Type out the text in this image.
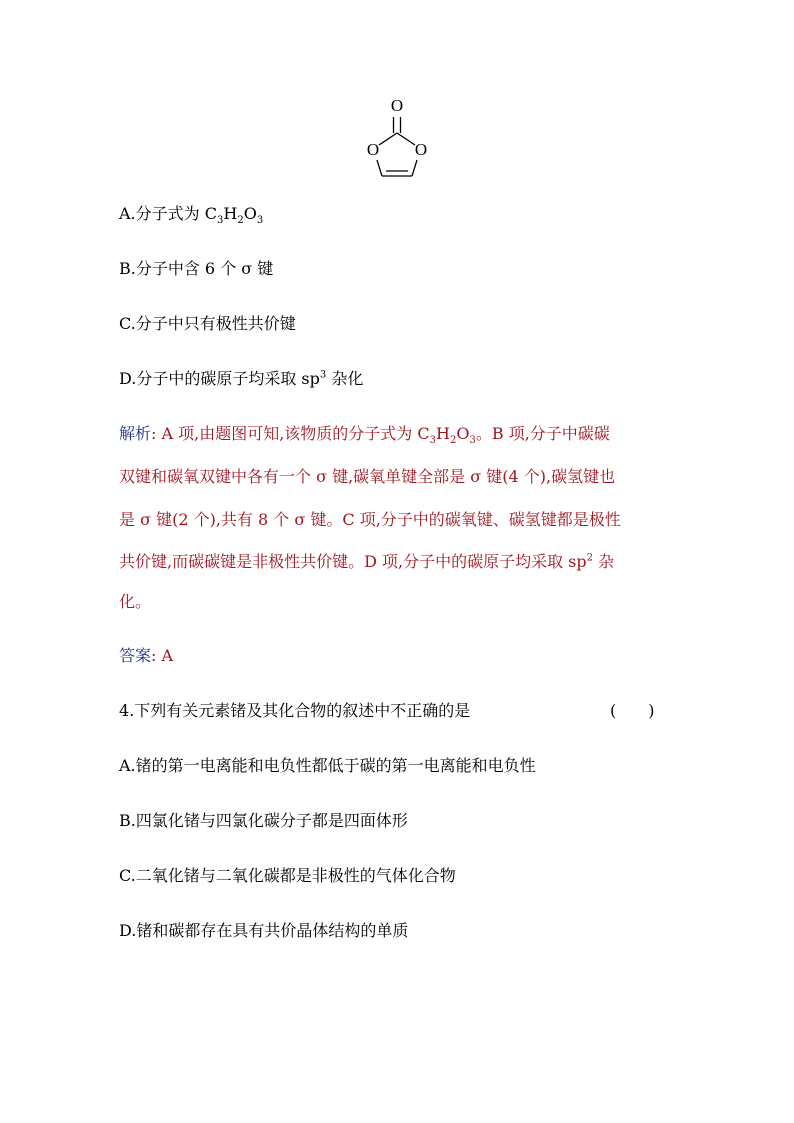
O
O O
A.分子式为 $C_3H_2O_3$
B.分子中含 6 个 σ 键
C.分子中只有极性共价键
D.分子中的碳原子均采取 $sp^3$ 杂化
解析: A 项,由题图可知,该物质的分子式为 $C_3H_2O_3$。B 项,分子中碳碳
双键和碳氧双键中各有一个 σ 键,碳氧单键全部是 σ 键(4 个),碳氢键也
是 σ 键(2 个),共有 8 个 σ 键。C 项,分子中的碳氧键、碳氢键都是极性
共价键,而碳碳键是非极性共价键。D 项,分子中的碳原子均采取 $sp^2$ 杂
化。
答案: A
4.下列有关元素锗及其化合物的叙述中不正确的是	(　　)
A.锗的第一电离能和电负性都低于碳的第一电离能和电负性
B.四氯化锗与四氯化碳分子都是四面体形
C.二氧化锗与二氧化碳都是非极性的气体化合物
D.锗和碳都存在具有共价晶体结构的单质
